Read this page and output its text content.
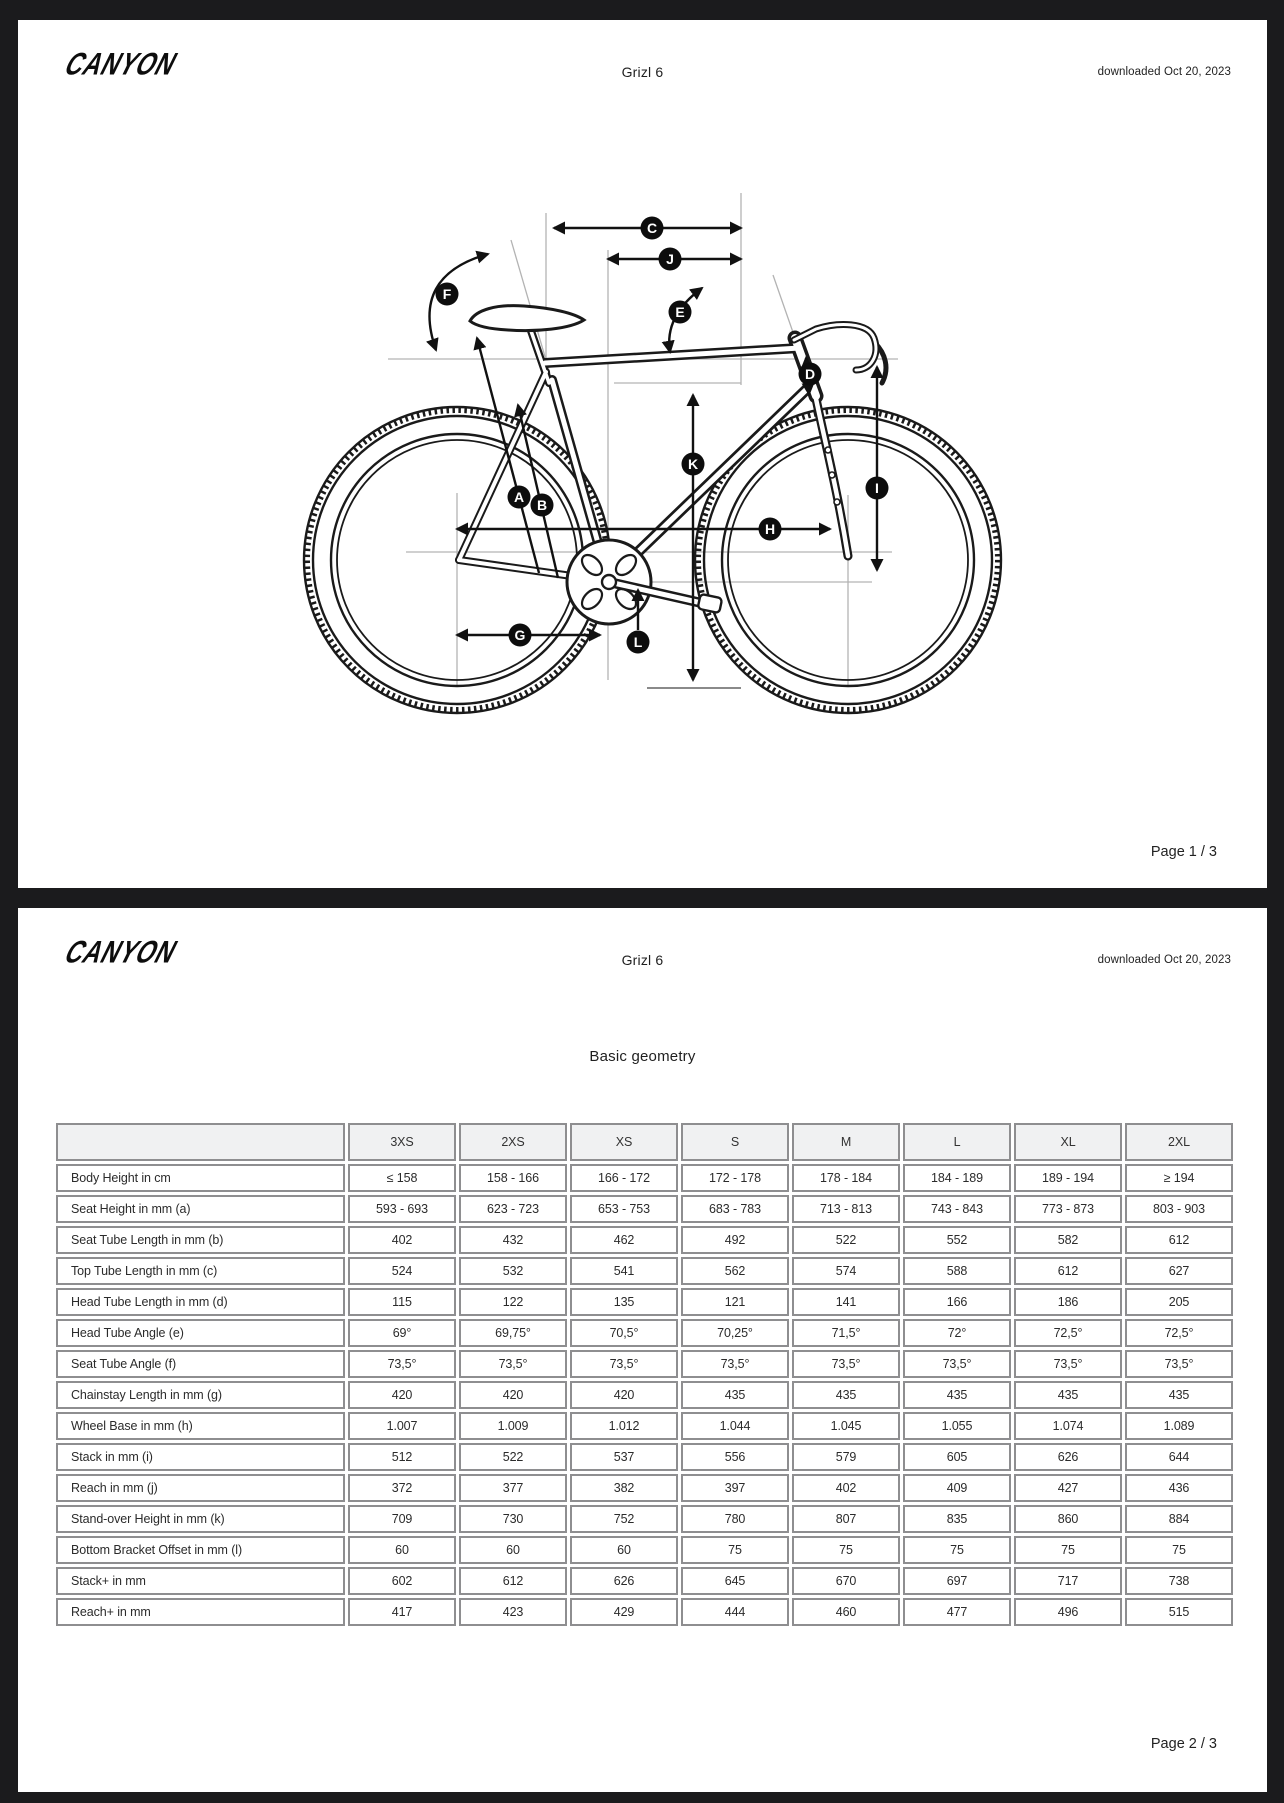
CANYON	Grizl 6	downloaded Oct 20, 2023
A B
C
D
E
F
G
H
I
J
K
L
Page 1 / 3
CANYON	Grizl 6	downloaded Oct 20, 2023
Basic geometry
	3XS	2XS	XS	S	M	L	XL	2XL
Body Height in cm	≤ 158	158 - 166	166 - 172	172 - 178	178 - 184	184 - 189	189 - 194	≥ 194
Seat Height in mm (a)	593 - 693	623 - 723	653 - 753	683 - 783	713 - 813	743 - 843	773 - 873	803 - 903
Seat Tube Length in mm (b)	402	432	462	492	522	552	582	612
Top Tube Length in mm (c)	524	532	541	562	574	588	612	627
Head Tube Length in mm (d)	115	122	135	121	141	166	186	205
Head Tube Angle (e)	69°	69,75°	70,5°	70,25°	71,5°	72°	72,5°	72,5°
Seat Tube Angle (f)	73,5°	73,5°	73,5°	73,5°	73,5°	73,5°	73,5°	73,5°
Chainstay Length in mm (g)	420	420	420	435	435	435	435	435
Wheel Base in mm (h)	1.007	1.009	1.012	1.044	1.045	1.055	1.074	1.089
Stack in mm (i)	512	522	537	556	579	605	626	644
Reach in mm (j)	372	377	382	397	402	409	427	436
Stand-over Height in mm (k)	709	730	752	780	807	835	860	884
Bottom Bracket Offset in mm (l)	60	60	60	75	75	75	75	75
Stack+ in mm	602	612	626	645	670	697	717	738
Reach+ in mm	417	423	429	444	460	477	496	515
Page 2 / 3
